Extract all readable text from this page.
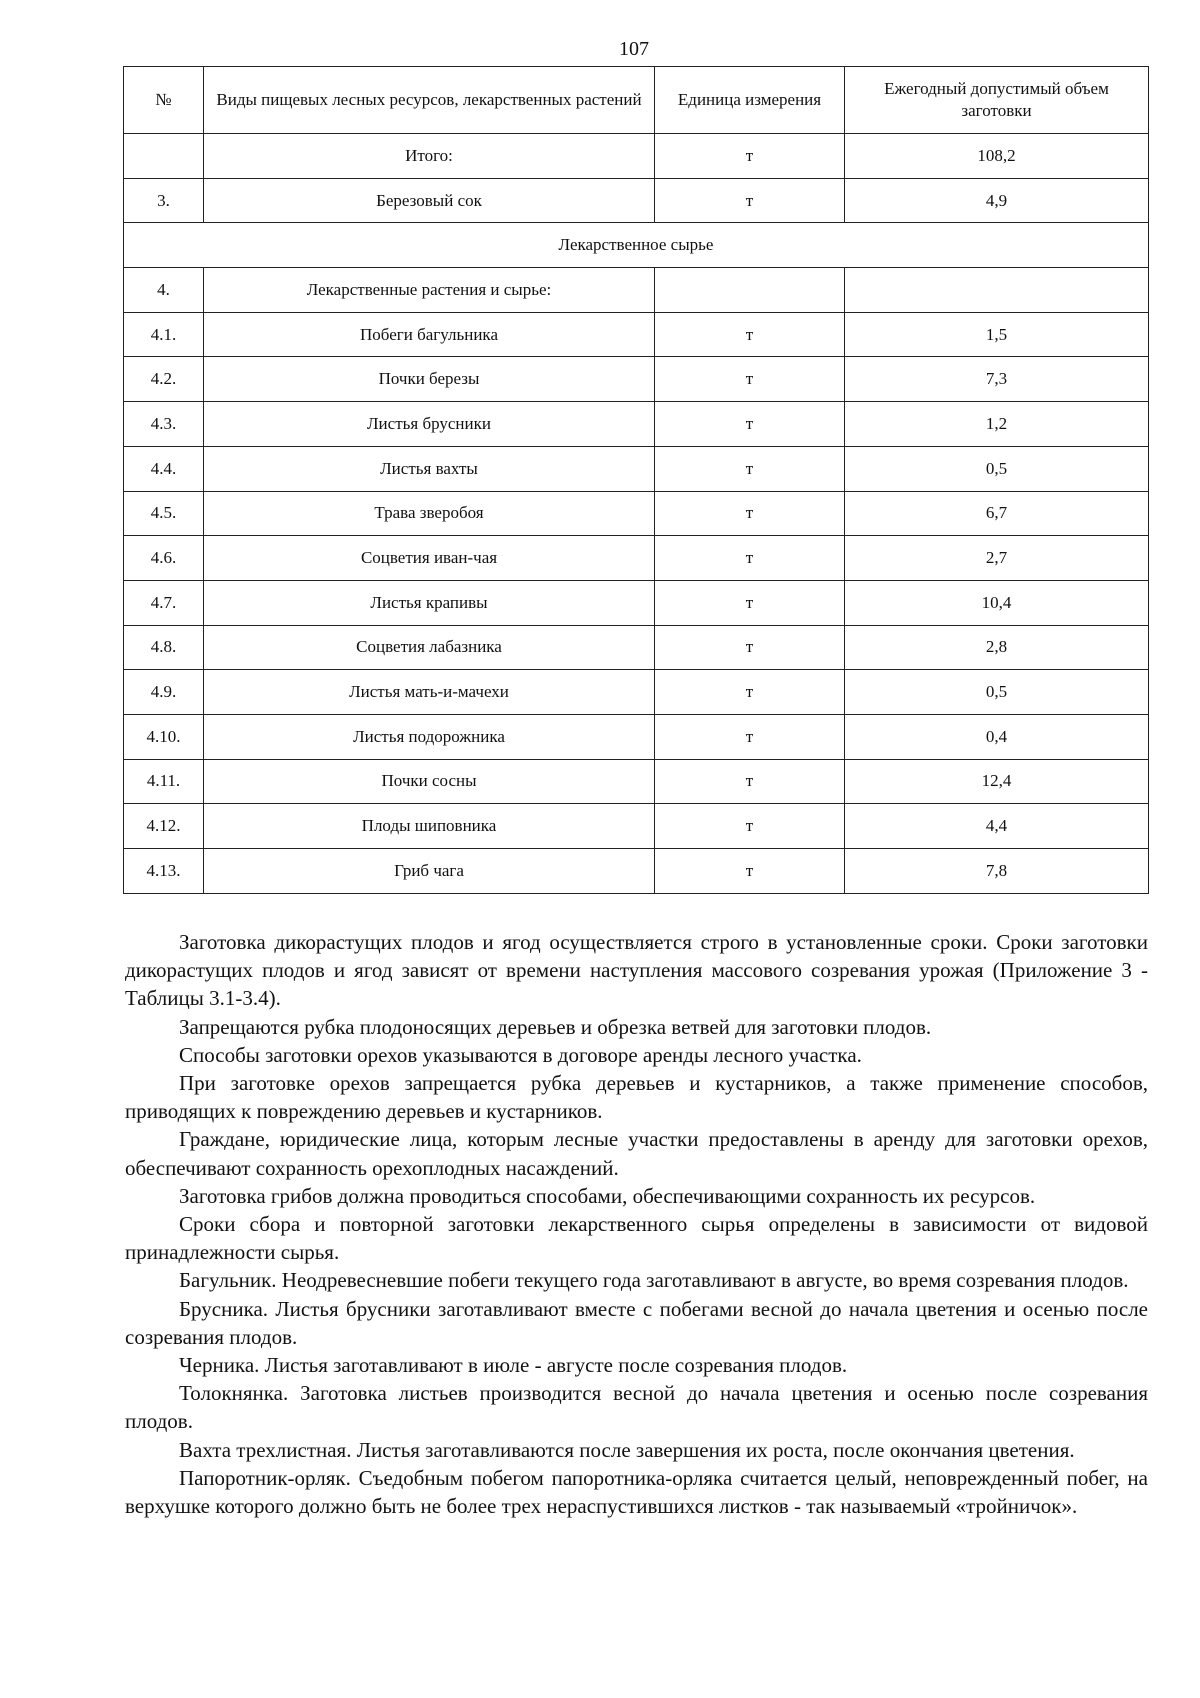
107
№	Виды пищевых лесных ресурсов, лекарственных растений	Единица измерения	Ежегодный допустимый объем заготовки
	Итого:	т	108,2
3.	Березовый сок	т	4,9
Лекарственное сырье			
4.	Лекарственные растения и сырье:		
4.1.	Побеги багульника	т	1,5
4.2.	Почки березы	т	7,3
4.3.	Листья брусники	т	1,2
4.4.	Листья вахты	т	0,5
4.5.	Трава зверобоя	т	6,7
4.6.	Соцветия иван-чая	т	2,7
4.7.	Листья крапивы	т	10,4
4.8.	Соцветия лабазника	т	2,8
4.9.	Листья мать-и-мачехи	т	0,5
4.10.	Листья подорожника	т	0,4
4.11.	Почки сосны	т	12,4
4.12.	Плоды шиповника	т	4,4
4.13.	Гриб чага	т	7,8

Заготовка дикорастущих плодов и ягод осуществляется строго в установленные сроки. Сроки заготовки дикорастущих плодов и ягод зависят от времени наступления массового созревания урожая (Приложение 3 - Таблицы 3.1-3.4).

Запрещаются рубка плодоносящих деревьев и обрезка ветвей для заготовки плодов.

Способы заготовки орехов указываются в договоре аренды лесного участка.

При заготовке орехов запрещается рубка деревьев и кустарников, а также применение способов, приводящих к повреждению деревьев и кустарников.

Граждане, юридические лица, которым лесные участки предоставлены в аренду для заготовки орехов, обеспечивают сохранность орехоплодных насаждений.

Заготовка грибов должна проводиться способами, обеспечивающими сохранность их ресурсов.

Сроки сбора и повторной заготовки лекарственного сырья определены в зависимости от видовой принадлежности сырья.

Багульник. Неодревесневшие побеги текущего года заготавливают в августе, во время созревания плодов.

Брусника. Листья брусники заготавливают вместе с побегами весной до начала цветения и осенью после созревания плодов.

Черника. Листья заготавливают в июле - августе после созревания плодов.

Толокнянка. Заготовка листьев производится весной до начала цветения и осенью после созревания плодов.

Вахта трехлистная. Листья заготавливаются после завершения их роста, после окончания цветения.

Папоротник-орляк. Съедобным побегом папоротника-орляка считается целый, неповрежденный побег, на верхушке которого должно быть не более трех нераспустившихся листков - так называемый «тройничок».
